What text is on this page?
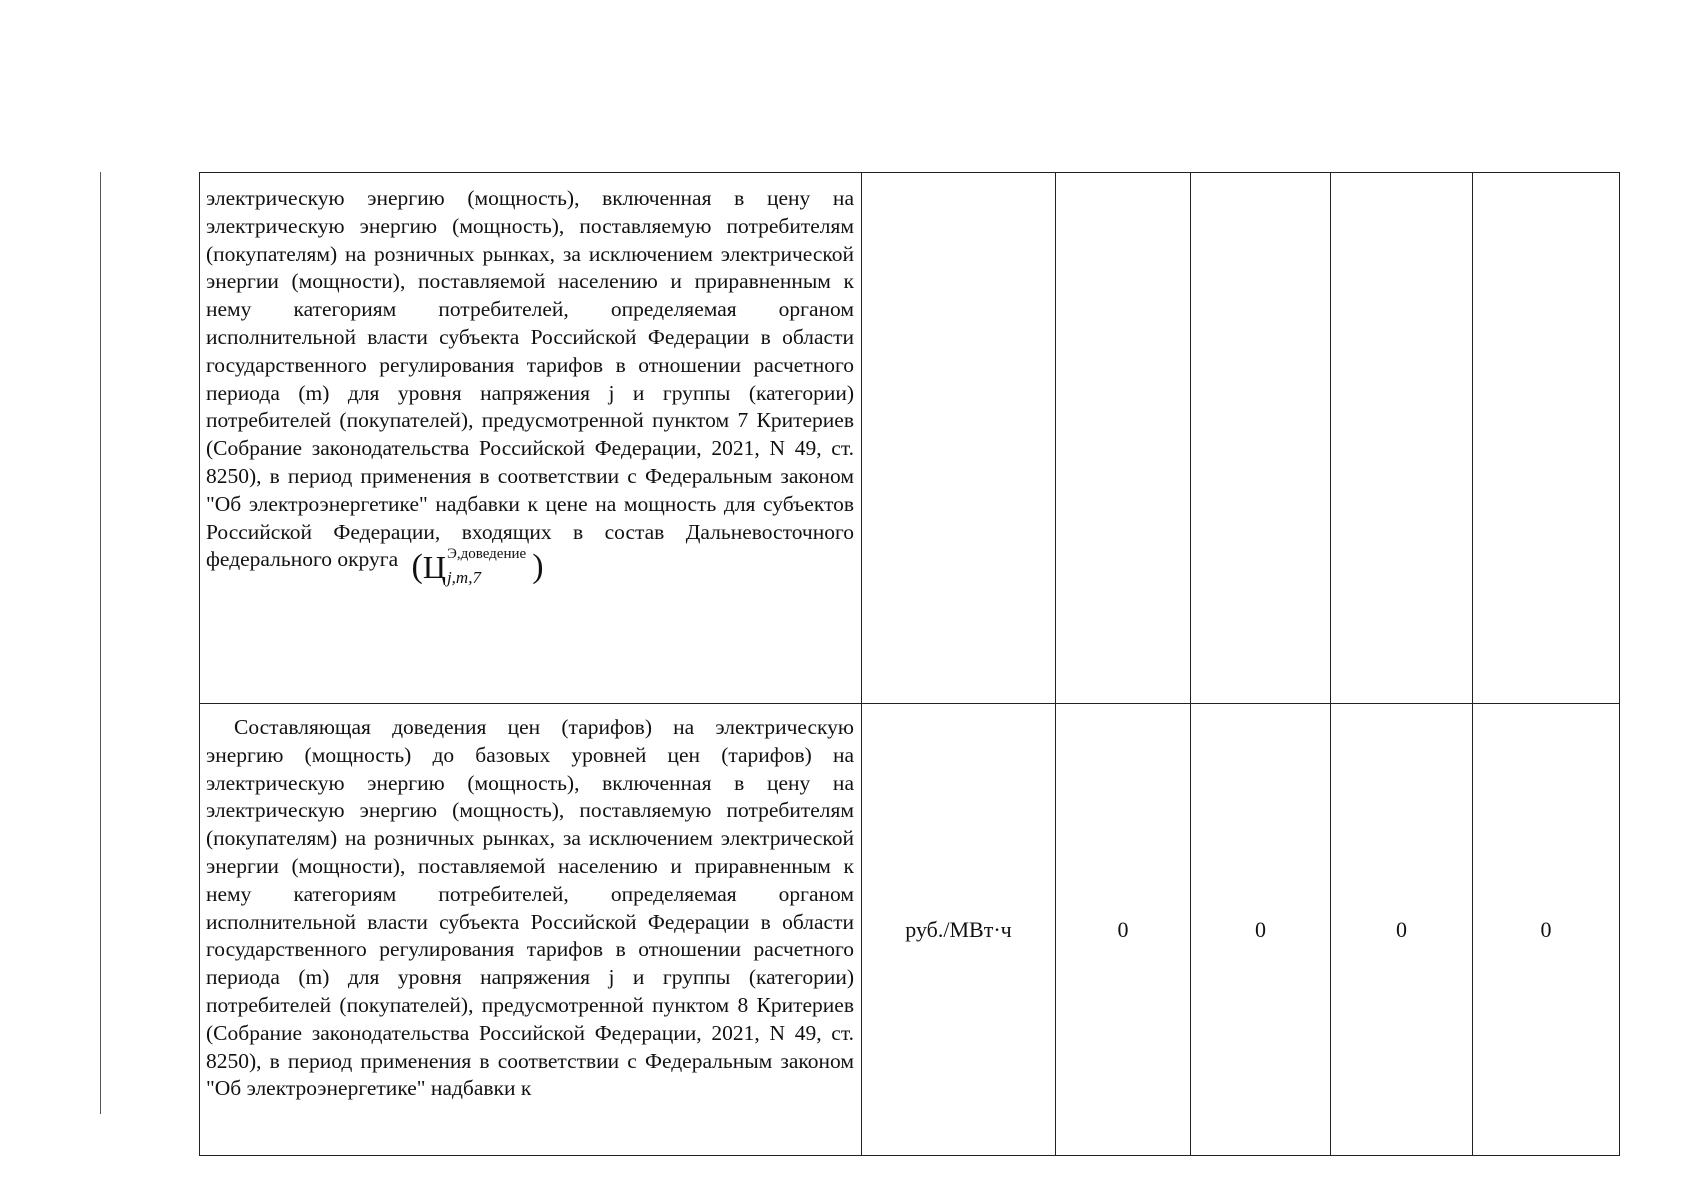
электрическую энергию (мощность), включенная в цену на электрическую энергию (мощность), поставляемую потребителям (покупателям) на розничных рынках, за исключением электрической энергии (мощности), поставляемой населению и приравненным к нему категориям потребителей, определяемая органом исполнительной власти субъекта Российской Федерации в области государственного регулирования тарифов в отношении расчетного периода (m) для уровня напряжения j и группы (категории) потребителей (покупателей), предусмотренной пунктом 7 Критериев (Собрание законодательства Российской Федерации, 2021, N 49, ст. 8250), в период применения в соответствии с Федеральным законом "Об электроэнергетике" надбавки к цене на мощность для субъектов Российской Федерации, входящих в состав Дальневосточного федерального округа (Ц Э,доведение
j,m,7 )					

Составляющая доведения цен (тарифов) на электрическую энергию (мощность) до базовых уровней цен (тарифов) на электрическую энергию (мощность), включенная в цену на электрическую энергию (мощность), поставляемую потребителям (покупателям) на розничных рынках, за исключением электрической энергии (мощности), поставляемой населению и приравненным к нему категориям потребителей, определяемая органом исполнительной власти субъекта Российской Федерации в области государственного регулирования тарифов в отношении расчетного периода (m) для уровня напряжения j и группы (категории) потребителей (покупателей), предусмотренной пунктом 8 Критериев (Собрание законодательства Российской Федерации, 2021, N 49, ст. 8250), в период применения в соответствии с Федеральным законом "Об электроэнергетике" надбавки к	руб./МВт·ч	0	0	0	0
